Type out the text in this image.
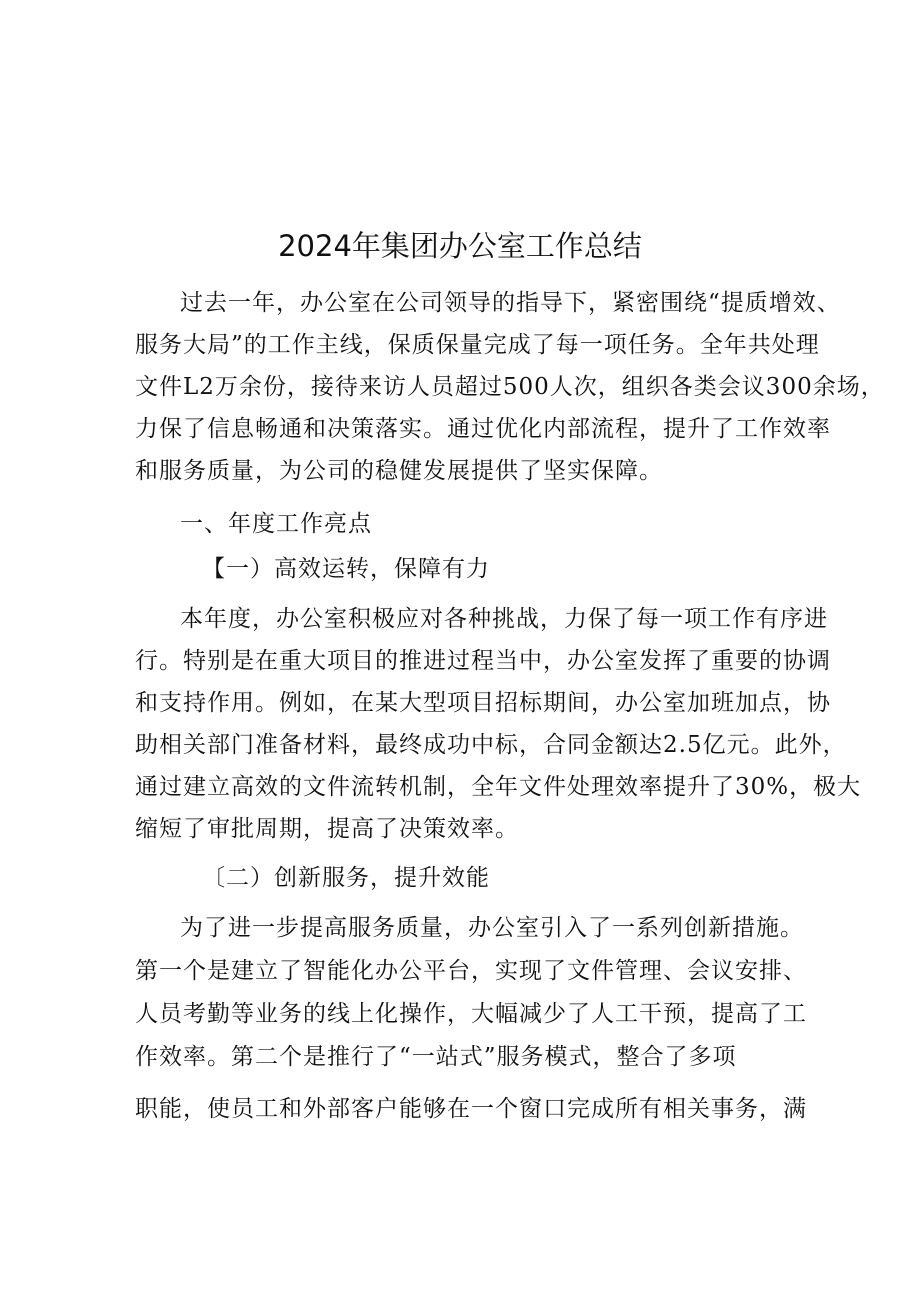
2024年集团办公室工作总结

过去一年，办公室在公司领导的指导下，紧密围绕“提质增效、

服务大局”的工作主线，保质保量完成了每一项任务。全年共处理

文件L2万余份，接待来访人员超过500人次，组织各类会议300余场，

力保了信息畅通和决策落实。通过优化内部流程，提升了工作效率

和服务质量，为公司的稳健发展提供了坚实保障。

一、年度工作亮点

【一）高效运转，保障有力

本年度，办公室积极应对各种挑战，力保了每一项工作有序进

行。特别是在重大项目的推进过程当中，办公室发挥了重要的协调

和支持作用。例如，在某大型项目招标期间，办公室加班加点，协

助相关部门准备材料，最终成功中标，合同金额达2.5亿元。此外，

通过建立高效的文件流转机制，全年文件处理效率提升了30%，极大

缩短了审批周期，提高了决策效率。

〔二）创新服务，提升效能

为了进一步提高服务质量，办公室引入了一系列创新措施。

第一个是建立了智能化办公平台，实现了文件管理、会议安排、

人员考勤等业务的线上化操作，大幅减少了人工干预，提高了工

作效率。第二个是推行了“一站式”服务模式，整合了多项

职能，使员工和外部客户能够在一个窗口完成所有相关事务，满
